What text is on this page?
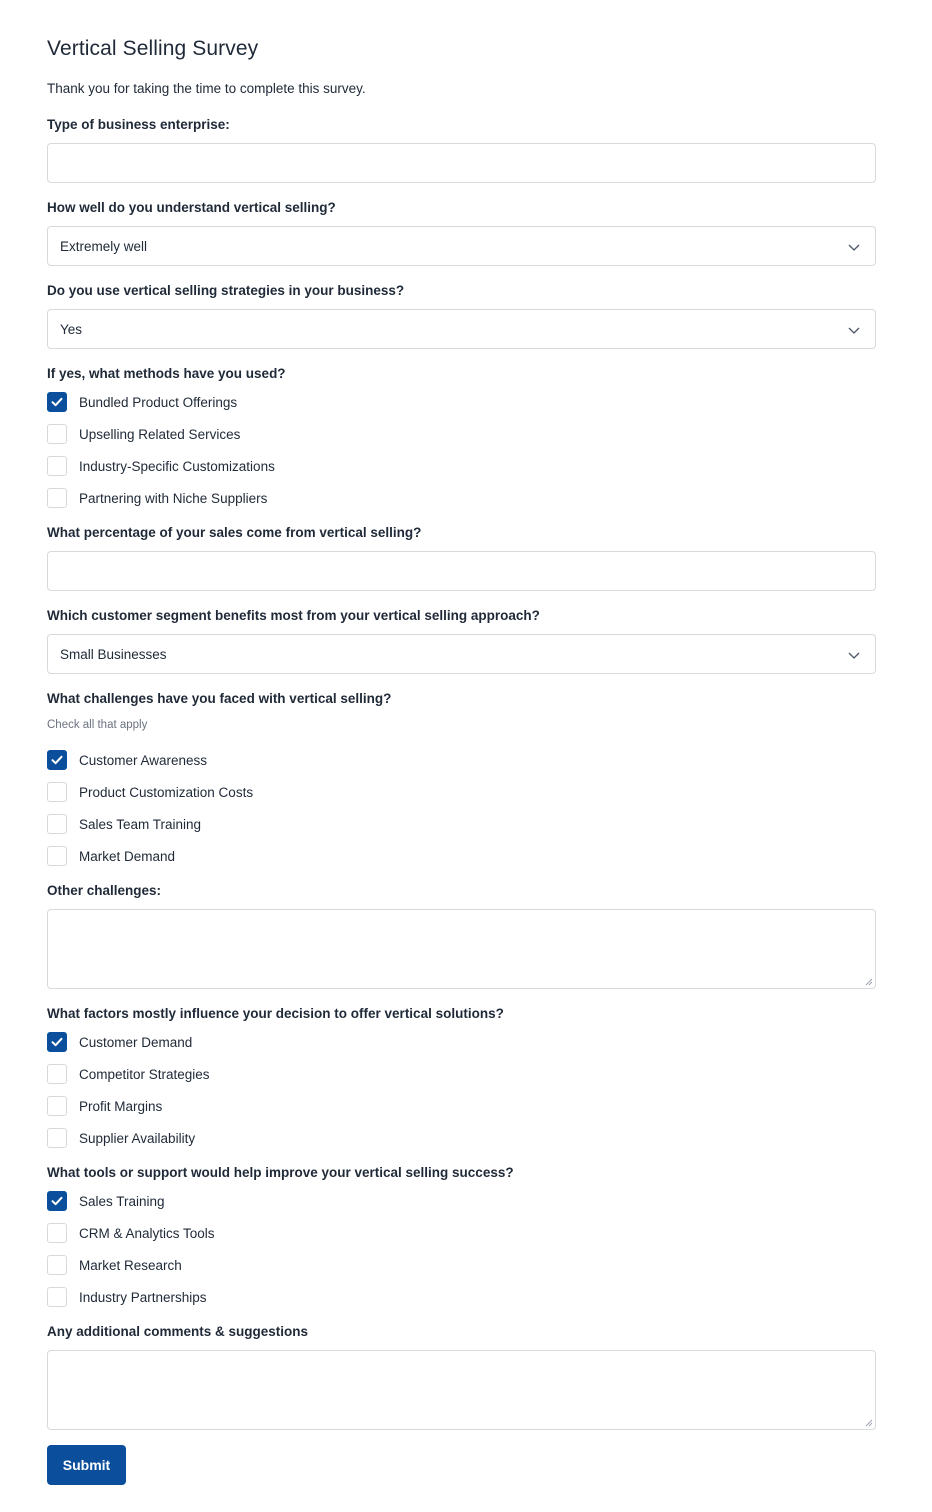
Vertical Selling Survey
Thank you for taking the time to complete this survey.
Type of business enterprise:
How well do you understand vertical selling?
Extremely well
Do you use vertical selling strategies in your business?
Yes
If yes, what methods have you used?
Bundled Product Offerings
Upselling Related Services
Industry-Specific Customizations
Partnering with Niche Suppliers
What percentage of your sales come from vertical selling?
Which customer segment benefits most from your vertical selling approach?
Small Businesses
What challenges have you faced with vertical selling?
Check all that apply
Customer Awareness
Product Customization Costs
Sales Team Training
Market Demand
Other challenges:
What factors mostly influence your decision to offer vertical solutions?
Customer Demand
Competitor Strategies
Profit Margins
Supplier Availability
What tools or support would help improve your vertical selling success?
Sales Training
CRM & Analytics Tools
Market Research
Industry Partnerships
Any additional comments & suggestions
Submit
